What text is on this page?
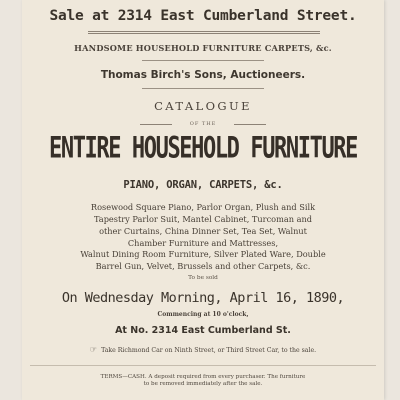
Sale at 2314 East Cumberland Street.
HANDSOME HOUSEHOLD FURNITURE CARPETS, &c.
Thomas Birch's Sons, Auctioneers.
CATALOGUE
OF THE
ENTIRE HOUSEHOLD FURNITURE
PIANO, ORGAN, CARPETS, &c.
Rosewood Square Piano, Parlor Organ, Plush and Silk
Tapestry Parlor Suit, Mantel Cabinet, Turcoman and
other Curtains, China Dinner Set, Tea Set, Walnut
Chamber Furniture and Mattresses,
Walnut Dining Room Furniture, Silver Plated Ware, Double
Barrel Gun, Velvet, Brussels and other Carpets, &c.
To be sold
On Wednesday Morning, April 16, 1890,
Commencing at 10 o'clock,
At No. 2314 East Cumberland St.
☞ Take Richmond Car on Ninth Street, or Third Street Car, to the sale.
TERMS—CASH. A deposit required from every purchaser. The furniture
to be removed immediately after the sale.
